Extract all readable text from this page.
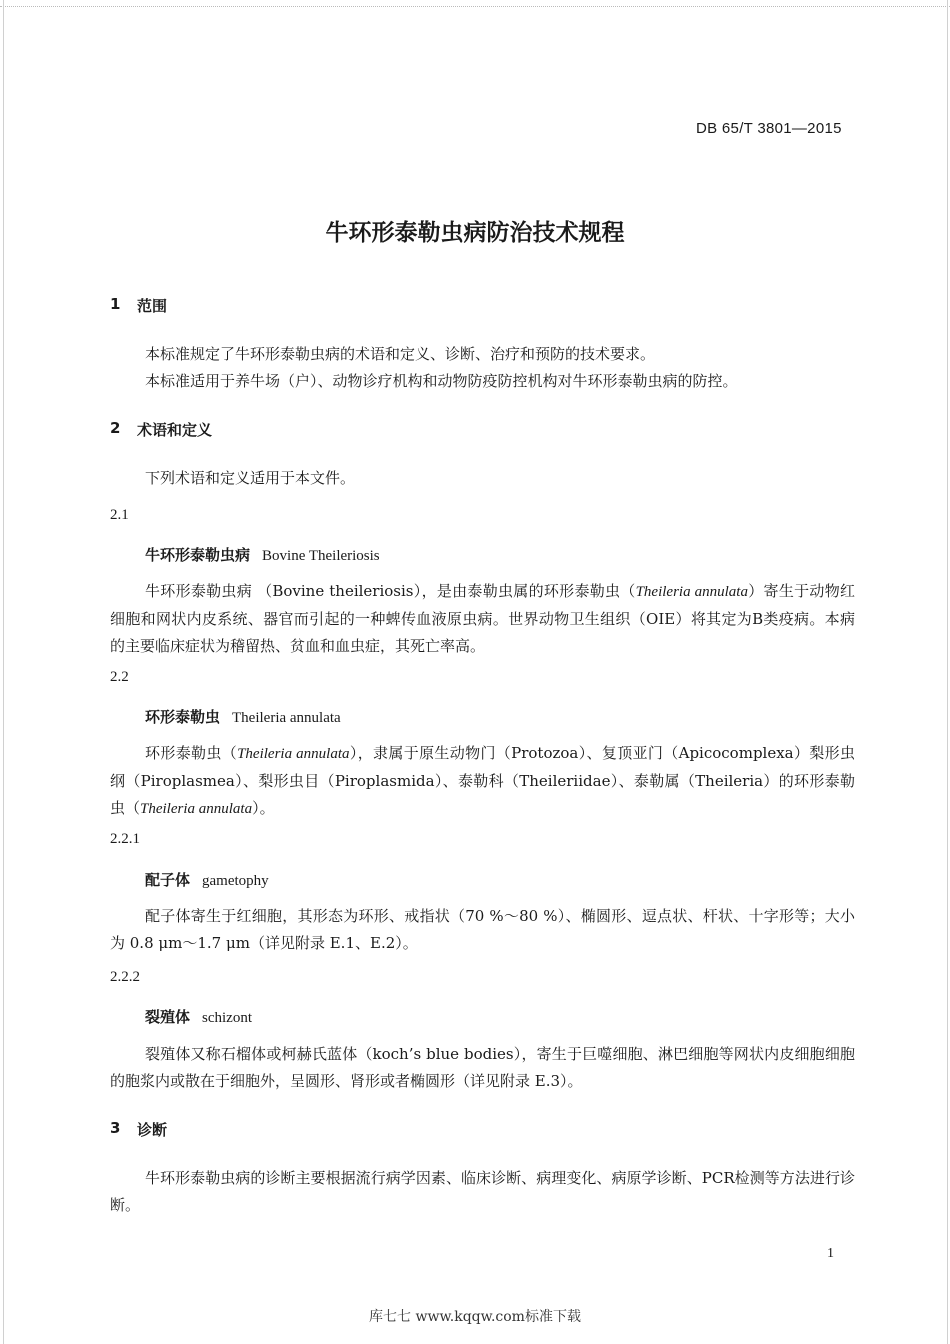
DB 65/T 3801—2015
牛环形泰勒虫病防治技术规程
1 范围

本标准规定了牛环形泰勒虫病的术语和定义、诊断、治疗和预防的技术要求。

本标准适用于养牛场（户）、动物诊疗机构和动物防疫防控机构对牛环形泰勒虫病的防控。

2 术语和定义

下列术语和定义适用于本文件。

2.1
牛环形泰勒虫病 Bovine Theileriosis

牛环形泰勒虫病 （Bovine theileriosis），是由泰勒虫属的环形泰勒虫（Theileria annulata）寄生于动物红细胞和网状内皮系统、器官而引起的一种蜱传血液原虫病。世界动物卫生组织（OIE）将其定为B类疫病。本病的主要临床症状为稽留热、贫血和血虫症，其死亡率高。

2.2
环形泰勒虫 Theileria annulata

环形泰勒虫（Theileria annulata），隶属于原生动物门（Protozoa）、复顶亚门（Apicocomplexa）梨形虫纲（Piroplasmea）、梨形虫目（Piroplasmida）、泰勒科（Theileriidae）、泰勒属（Theileria）的环形泰勒虫（Theileria annulata）。

2.2.1
配子体 gametophy

配子体寄生于红细胞，其形态为环形、戒指状（70 %～80 %）、椭圆形、逗点状、杆状、十字形等；大小为 0.8 μm～1.7 μm（详见附录 E.1、E.2）。

2.2.2
裂殖体 schizont

裂殖体又称石榴体或柯赫氏蓝体（koch’s blue bodies），寄生于巨噬细胞、淋巴细胞等网状内皮细胞细胞的胞浆内或散在于细胞外，呈圆形、肾形或者椭圆形（详见附录 E.3）。

3 诊断

牛环形泰勒虫病的诊断主要根据流行病学因素、临床诊断、病理变化、病原学诊断、PCR检测等方法进行诊断。

1
库七七 www.kqqw.com标准下载
